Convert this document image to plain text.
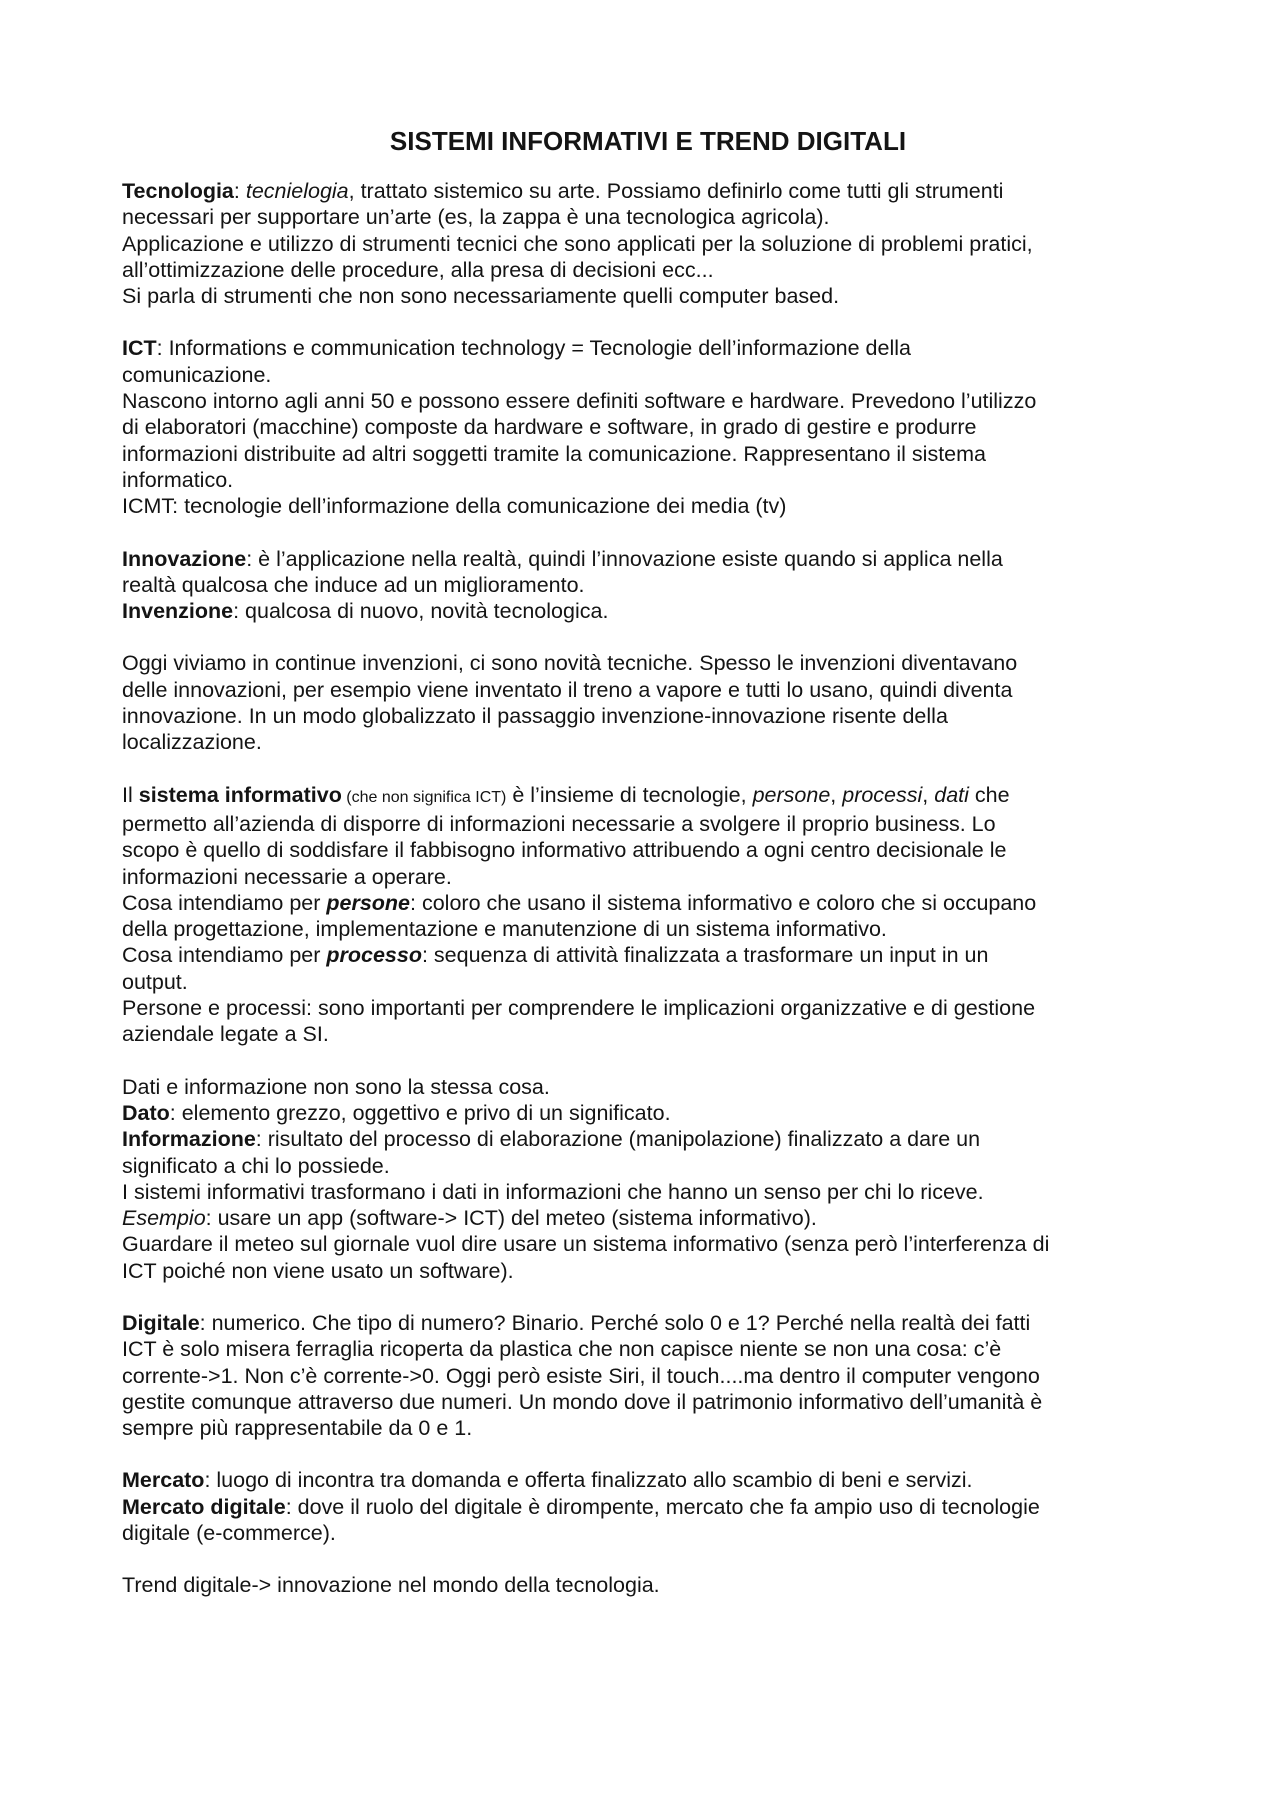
SISTEMI INFORMATIVI E TREND DIGITALI
Tecnologia: tecnielogia, trattato sistemico su arte. Possiamo definirlo come tutti gli strumenti
necessari per supportare un’arte (es, la zappa è una tecnologica agricola).
Applicazione e utilizzo di strumenti tecnici che sono applicati per la soluzione di problemi pratici,
all’ottimizzazione delle procedure, alla presa di decisioni ecc...
Si parla di strumenti che non sono necessariamente quelli computer based.
ICT: Informations e communication technology = Tecnologie dell’informazione della
comunicazione.
Nascono intorno agli anni 50 e possono essere definiti software e hardware. Prevedono l’utilizzo
di elaboratori (macchine) composte da hardware e software, in grado di gestire e produrre
informazioni distribuite ad altri soggetti tramite la comunicazione. Rappresentano il sistema
informatico.
ICMT: tecnologie dell’informazione della comunicazione dei media (tv)
Innovazione: è l’applicazione nella realtà, quindi l’innovazione esiste quando si applica nella
realtà qualcosa che induce ad un miglioramento.
Invenzione: qualcosa di nuovo, novità tecnologica.
Oggi viviamo in continue invenzioni, ci sono novità tecniche. Spesso le invenzioni diventavano
delle innovazioni, per esempio viene inventato il treno a vapore e tutti lo usano, quindi diventa
innovazione. In un modo globalizzato il passaggio invenzione-innovazione risente della
localizzazione.
Il sistema informativo (che non significa ICT) è l’insieme di tecnologie, persone, processi, dati che
permetto all’azienda di disporre di informazioni necessarie a svolgere il proprio business. Lo
scopo è quello di soddisfare il fabbisogno informativo attribuendo a ogni centro decisionale le
informazioni necessarie a operare.
Cosa intendiamo per persone: coloro che usano il sistema informativo e coloro che si occupano
della progettazione, implementazione e manutenzione di un sistema informativo.
Cosa intendiamo per processo: sequenza di attività finalizzata a trasformare un input in un
output.
Persone e processi: sono importanti per comprendere le implicazioni organizzative e di gestione
aziendale legate a SI.
Dati e informazione non sono la stessa cosa.
Dato: elemento grezzo, oggettivo e privo di un significato.
Informazione: risultato del processo di elaborazione (manipolazione) finalizzato a dare un
significato a chi lo possiede.
I sistemi informativi trasformano i dati in informazioni che hanno un senso per chi lo riceve.
Esempio: usare un app (software-> ICT) del meteo (sistema informativo).
Guardare il meteo sul giornale vuol dire usare un sistema informativo (senza però l’interferenza di
ICT poiché non viene usato un software).
Digitale: numerico. Che tipo di numero? Binario. Perché solo 0 e 1? Perché nella realtà dei fatti
ICT è solo misera ferraglia ricoperta da plastica che non capisce niente se non una cosa: c’è
corrente->1. Non c’è corrente->0. Oggi però esiste Siri, il touch....ma dentro il computer vengono
gestite comunque attraverso due numeri. Un mondo dove il patrimonio informativo dell’umanità è
sempre più rappresentabile da 0 e 1.
Mercato: luogo di incontra tra domanda e offerta finalizzato allo scambio di beni e servizi.
Mercato digitale: dove il ruolo del digitale è dirompente, mercato che fa ampio uso di tecnologie
digitale (e-commerce).
Trend digitale-> innovazione nel mondo della tecnologia.
